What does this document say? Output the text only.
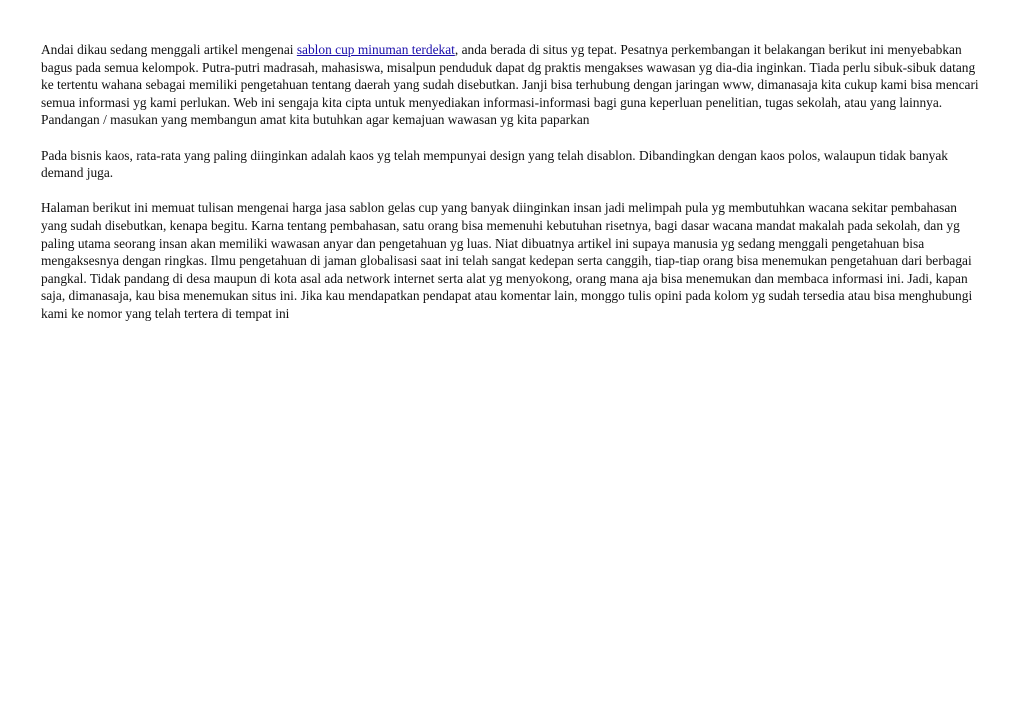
Andai dikau sedang menggali artikel mengenai sablon cup minuman terdekat, anda berada di situs yg tepat. Pesatnya perkembangan it belakangan berikut ini menyebabkan bagus pada semua kelompok. Putra-putri madrasah, mahasiswa, misalpun penduduk dapat dg praktis mengakses wawasan yg dia-dia inginkan. Tiada perlu sibuk-sibuk datang ke tertentu wahana sebagai memiliki pengetahuan tentang daerah yang sudah disebutkan. Janji bisa terhubung dengan jaringan www, dimanasaja kita cukup kami bisa mencari semua informasi yg kami perlukan. Web ini sengaja kita cipta untuk menyediakan informasi-informasi bagi guna keperluan penelitian, tugas sekolah, atau yang lainnya. Pandangan / masukan yang membangun amat kita butuhkan agar kemajuan wawasan yg kita paparkan

Pada bisnis kaos, rata-rata yang paling diinginkan adalah kaos yg telah mempunyai design yang telah disablon. Dibandingkan dengan kaos polos, walaupun tidak banyak demand juga.

Halaman berikut ini memuat tulisan mengenai harga jasa sablon gelas cup yang banyak diinginkan insan jadi melimpah pula yg membutuhkan wacana sekitar pembahasan yang sudah disebutkan, kenapa begitu. Karna tentang pembahasan, satu orang bisa memenuhi kebutuhan risetnya, bagi dasar wacana mandat makalah pada sekolah, dan yg paling utama seorang insan akan memiliki wawasan anyar dan pengetahuan yg luas. Niat dibuatnya artikel ini supaya manusia yg sedang menggali pengetahuan bisa mengaksesnya dengan ringkas. Ilmu pengetahuan di jaman globalisasi saat ini telah sangat kedepan serta canggih, tiap-tiap orang bisa menemukan pengetahuan dari berbagai pangkal. Tidak pandang di desa maupun di kota asal ada network internet serta alat yg menyokong, orang mana aja bisa menemukan dan membaca informasi ini. Jadi, kapan saja, dimanasaja, kau bisa menemukan situs ini. Jika kau mendapatkan pendapat atau komentar lain, monggo tulis opini pada kolom yg sudah tersedia atau bisa menghubungi kami ke nomor yang telah tertera di tempat ini
